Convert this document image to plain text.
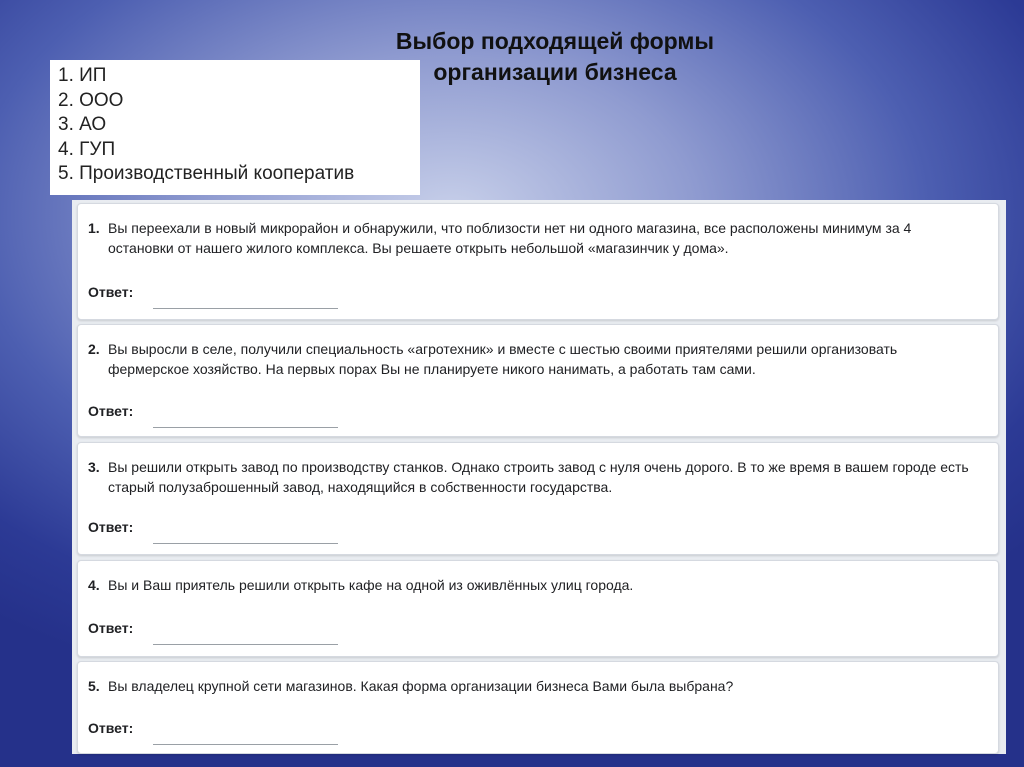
Выбор подходящей формы
организации бизнеса
1. ИП
2. ООО
3. АО
4. ГУП
5. Производственный кооператив
1. Вы переехали в новый микрорайон и обнаружили, что поблизости нет ни одного магазина, все расположены минимум за 4 остановки от нашего жилого комплекса. Вы решаете открыть небольшой «магазинчик у дома».
Ответ:
2. Вы выросли в селе, получили специальность «агротехник» и вместе с шестью своими приятелями решили организовать фермерское хозяйство. На первых порах Вы не планируете никого нанимать, а работать там сами.
Ответ:
3. Вы решили открыть завод по производству станков. Однако строить завод с нуля очень дорого. В то же время в вашем городе есть старый полузаброшенный завод, находящийся в собственности государства.
Ответ:
4. Вы и Ваш приятель решили открыть кафе на одной из оживлённых улиц города.
Ответ:
5. Вы владелец крупной сети магазинов. Какая форма организации бизнеса Вами была выбрана?
Ответ:
